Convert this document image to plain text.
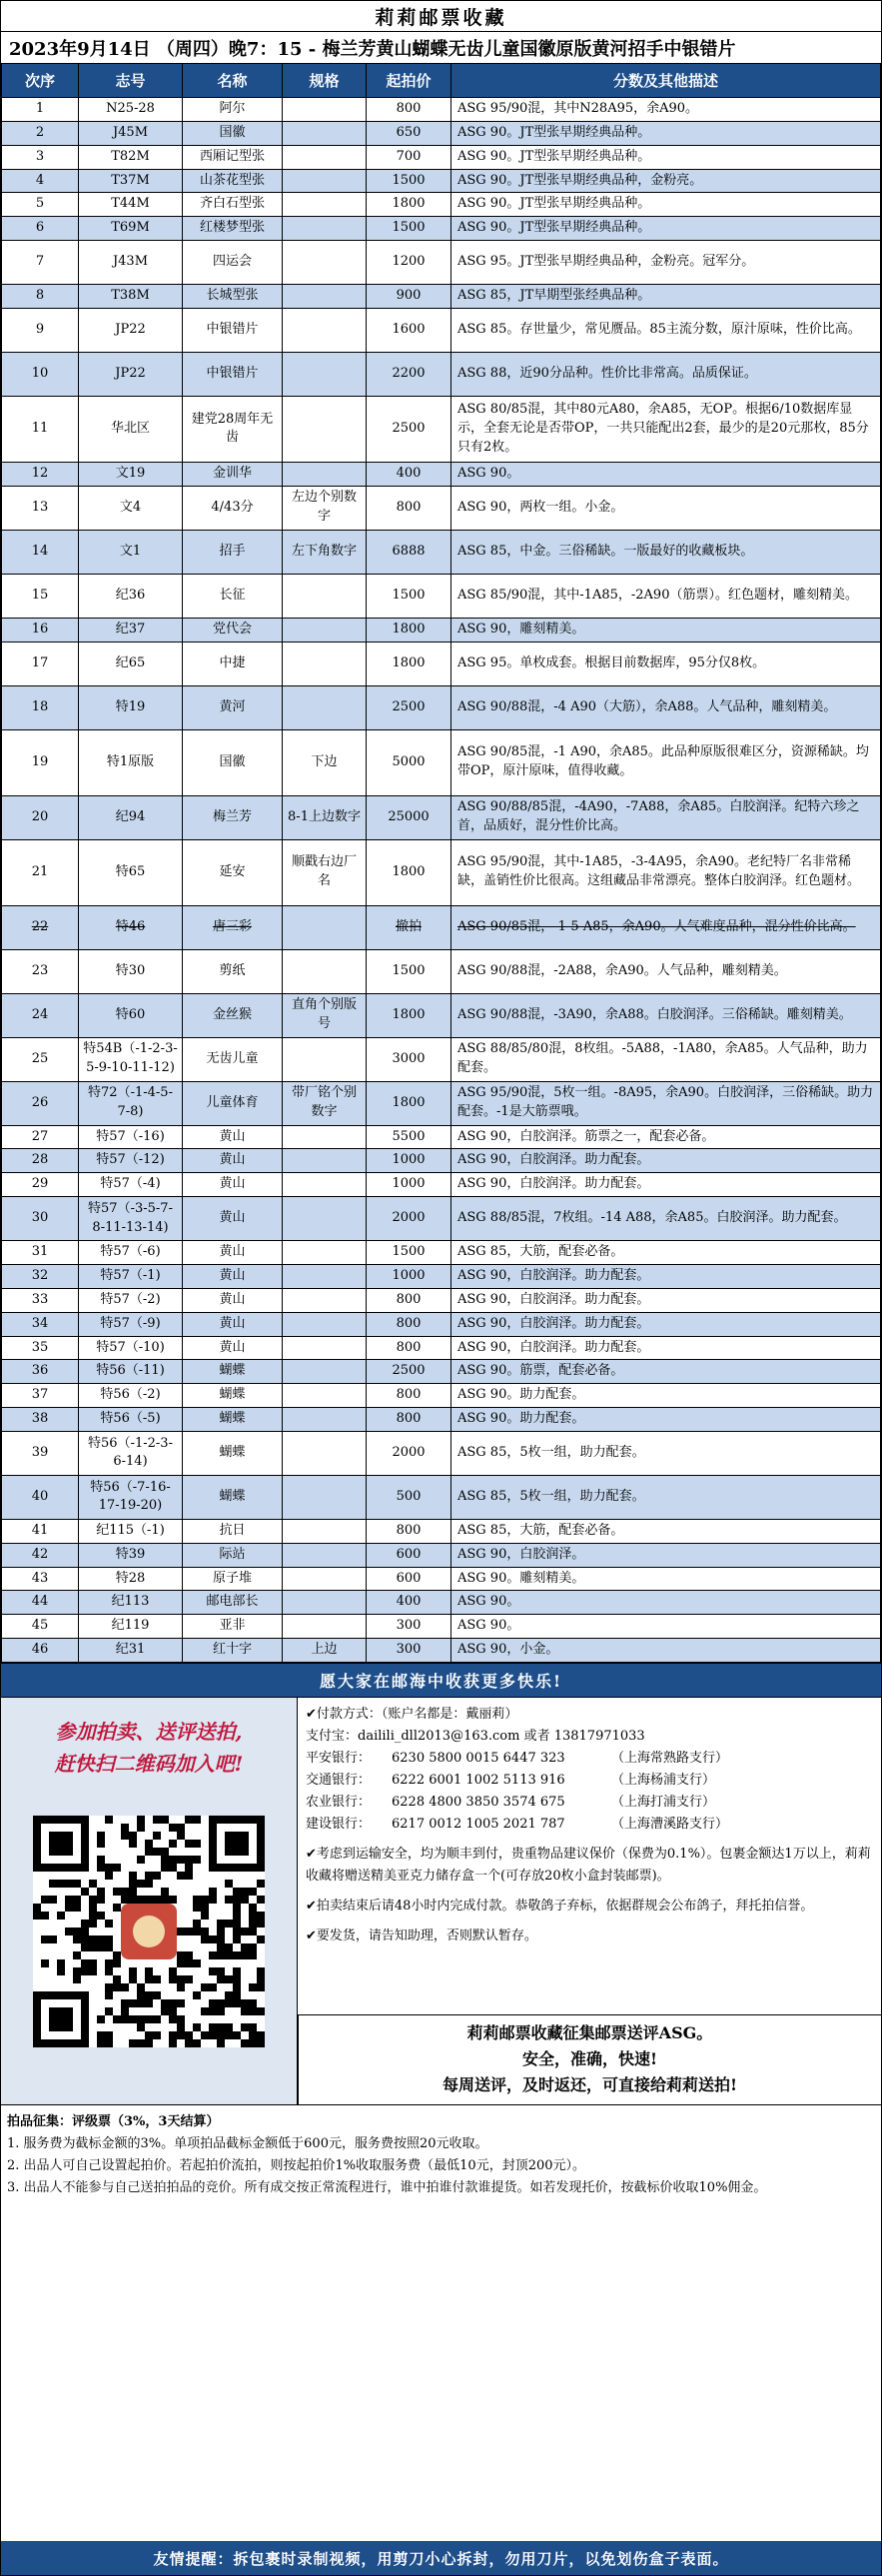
莉莉邮票收藏
2023年9月14日 （周四）晚7：15 - 梅兰芳黄山蝴蝶无齿儿童国徽原版黄河招手中银错片
次序	志号	名称	规格	起拍价	分数及其他描述
1	N25-28	阿尔		800	ASG 95/90混，其中N28A95，余A90。
2	J45M	国徽		650	ASG 90。JT型张早期经典品种。
3	T82M	西厢记型张		700	ASG 90。JT型张早期经典品种。
4	T37M	山茶花型张		1500	ASG 90。JT型张早期经典品种，金粉亮。
5	T44M	齐白石型张		1800	ASG 90。JT型张早期经典品种。
6	T69M	红楼梦型张		1500	ASG 90。JT型张早期经典品种。
7	J43M	四运会		1200	ASG 95。JT型张早期经典品种，金粉亮。冠军分。
8	T38M	长城型张		900	ASG 85，JT早期型张经典品种。
9	JP22	中银错片		1600	ASG 85。存世量少，常见赝品。85主流分数，原汁原味，性价比高。
10	JP22	中银错片		2200	ASG 88，近90分品种。性价比非常高。品质保证。
11	华北区	建党28周年无齿		2500	ASG 80/85混，其中80元A80，余A85，无OP。根据6/10数据库显示，全套无论是否带OP，一共只能配出2套，最少的是20元那枚，85分只有2枚。
12	文19	金训华		400	ASG 90。
13	文4	4/43分	左边个别数字	800	ASG 90，两枚一组。小金。
14	文1	招手	左下角数字	6888	ASG 85，中金。三俗稀缺。一版最好的收藏板块。
15	纪36	长征		1500	ASG 85/90混，其中-1A85，-2A90（筋票）。红色题材，雕刻精美。
16	纪37	党代会		1800	ASG 90，雕刻精美。
17	纪65	中捷		1800	ASG 95。单枚成套。根据目前数据库，95分仅8枚。
18	特19	黄河		2500	ASG 90/88混，-4 A90（大筋），余A88。人气品种，雕刻精美。
19	特1原版	国徽	下边	5000	ASG 90/85混，-1 A90，余A85。此品种原版很难区分，资源稀缺。均带OP，原汁原味，值得收藏。
20	纪94	梅兰芳	8-1上边数字	25000	ASG 90/88/85混，-4A90，-7A88，余A85。白胶润泽。纪特六珍之首，品质好，混分性价比高。
21	特65	延安	顺戳右边厂名	1800	ASG 95/90混，其中-1A85，-3-4A95，余A90。老纪特厂名非常稀缺，盖销性价比很高。这组藏品非常漂亮。整体白胶润泽。红色题材。
22	特46	唐三彩		撤拍	ASG 90/85混，-1-5 A85，余A90。人气难度品种，混分性价比高。
23	特30	剪纸		1500	ASG 90/88混，-2A88，余A90。人气品种，雕刻精美。
24	特60	金丝猴	直角个别版号	1800	ASG 90/88混，-3A90，余A88。白胶润泽。三俗稀缺。雕刻精美。
25	特54B（-1-2-3-5-9-10-11-12)	无齿儿童		3000	ASG 88/85/80混，8枚组。-5A88，-1A80，余A85。人气品种，助力配套。
26	特72（-1-4-5-7-8)	儿童体育	带厂铭个别数字	1800	ASG 95/90混，5枚一组。-8A95，余A90。白胶润泽，三俗稀缺。助力配套。-1是大筋票哦。
27	特57（-16)	黄山		5500	ASG 90，白胶润泽。筋票之一，配套必备。
28	特57（-12)	黄山		1000	ASG 90，白胶润泽。助力配套。
29	特57（-4)	黄山		1000	ASG 90，白胶润泽。助力配套。
30	特57（-3-5-7-8-11-13-14)	黄山		2000	ASG 88/85混，7枚组。-14 A88，余A85。白胶润泽。助力配套。
31	特57（-6)	黄山		1500	ASG 85，大筋，配套必备。
32	特57（-1)	黄山		1000	ASG 90，白胶润泽。助力配套。
33	特57（-2)	黄山		800	ASG 90，白胶润泽。助力配套。
34	特57（-9)	黄山		800	ASG 90，白胶润泽。助力配套。
35	特57（-10)	黄山		800	ASG 90，白胶润泽。助力配套。
36	特56（-11)	蝴蝶		2500	ASG 90。筋票，配套必备。
37	特56（-2)	蝴蝶		800	ASG 90。助力配套。
38	特56（-5)	蝴蝶		800	ASG 90。助力配套。
39	特56（-1-2-3-6-14)	蝴蝶		2000	ASG 85，5枚一组，助力配套。
40	特56（-7-16-17-19-20)	蝴蝶		500	ASG 85，5枚一组，助力配套。
41	纪115（-1)	抗日		800	ASG 85，大筋，配套必备。
42	特39	际站		600	ASG 90，白胶润泽。
43	特28	原子堆		600	ASG 90。雕刻精美。
44	纪113	邮电部长		400	ASG 90。
45	纪119	亚非		300	ASG 90。
46	纪31	红十字	上边	300	ASG 90，小金。
愿大家在邮海中收获更多快乐!
参加拍卖、送评送拍,
赶快扫二维码加入吧!
✔付款方式：（账户名都是：戴丽莉）
支付宝：dailili_dll2013@163.com 或者 13817971033
平安银行：	6230 5800 0015 6447 323	（上海常熟路支行）
交通银行：	6222 6001 1002 5113 916	（上海杨浦支行）
农业银行：	6228 4800 3850 3574 675	（上海打浦支行）
建设银行：	6217 0012 1005 2021 787	（上海漕溪路支行）

✔考虑到运输安全，均为顺丰到付，贵重物品建议保价（保费为0.1%）。包裹金额达1万以上，莉莉收藏将赠送精美亚克力储存盒一个(可存放20枚小盒封装邮票)。

✔拍卖结束后请48小时内完成付款。恭敬鸽子弃标，依据群规会公布鸽子，拜托拍信誉。

✔要发货，请告知助理，否则默认暂存。

莉莉邮票收藏征集邮票送评ASG。
安全，准确，快速!
每周送评，及时返还，可直接给莉莉送拍!
拍品征集：评级票（3%，3天结算）
1. 服务费为截标金额的3%。单项拍品截标金额低于600元，服务费按照20元收取。
2. 出品人可自己设置起拍价。若起拍价流拍，则按起拍价1%收取服务费（最低10元，封顶200元）。
3. 出品人不能参与自己送拍拍品的竞价。所有成交按正常流程进行，谁中拍谁付款谁提货。如若发现托价，按截标价收取10%佣金。
友情提醒：拆包裹时录制视频，用剪刀小心拆封，勿用刀片，以免划伤盒子表面。
